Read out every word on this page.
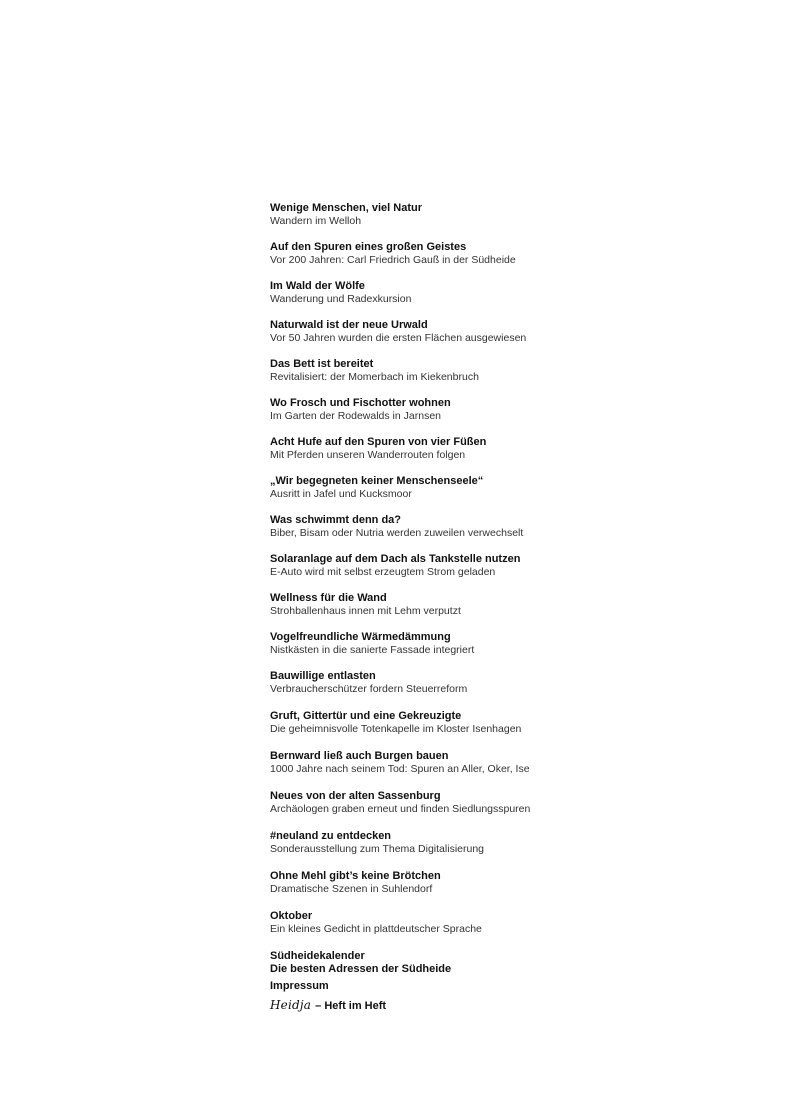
Wenige Menschen, viel Natur
Wandern im Welloh
Auf den Spuren eines großen Geistes
Vor 200 Jahren: Carl Friedrich Gauß in der Südheide
Im Wald der Wölfe
Wanderung und Radexkursion
Naturwald ist der neue Urwald
Vor 50 Jahren wurden die ersten Flächen ausgewiesen
Das Bett ist bereitet
Revitalisiert: der Momerbach im Kiekenbruch
Wo Frosch und Fischotter wohnen
Im Garten der Rodewalds in Jarnsen
Acht Hufe auf den Spuren von vier Füßen
Mit Pferden unseren Wanderrouten folgen
„Wir begegneten keiner Menschenseele“
Ausritt in Jafel und Kucksmoor
Was schwimmt denn da?
Biber, Bisam oder Nutria werden zuweilen verwechselt
Solaranlage auf dem Dach als Tankstelle nutzen
E-Auto wird mit selbst erzeugtem Strom geladen
Wellness für die Wand
Strohballenhaus innen mit Lehm verputzt
Vogelfreundliche Wärmedämmung
Nistkästen in die sanierte Fassade integriert
Bauwillige entlasten
Verbraucherschützer fordern Steuerreform
Gruft, Gittertür und eine Gekreuzigte
Die geheimnisvolle Totenkapelle im Kloster Isenhagen
Bernward ließ auch Burgen bauen
1000 Jahre nach seinem Tod: Spuren an Aller, Oker, Ise
Neues von der alten Sassenburg
Archäologen graben erneut und finden Siedlungsspuren
#neuland zu entdecken
Sonderausstellung zum Thema Digitalisierung
Ohne Mehl gibt’s keine Brötchen
Dramatische Szenen in Suhlendorf
Oktober
Ein kleines Gedicht in plattdeutscher Sprache
Südheidekalender
Die besten Adressen der Südheide
Impressum
Heidja – Heft im Heft
